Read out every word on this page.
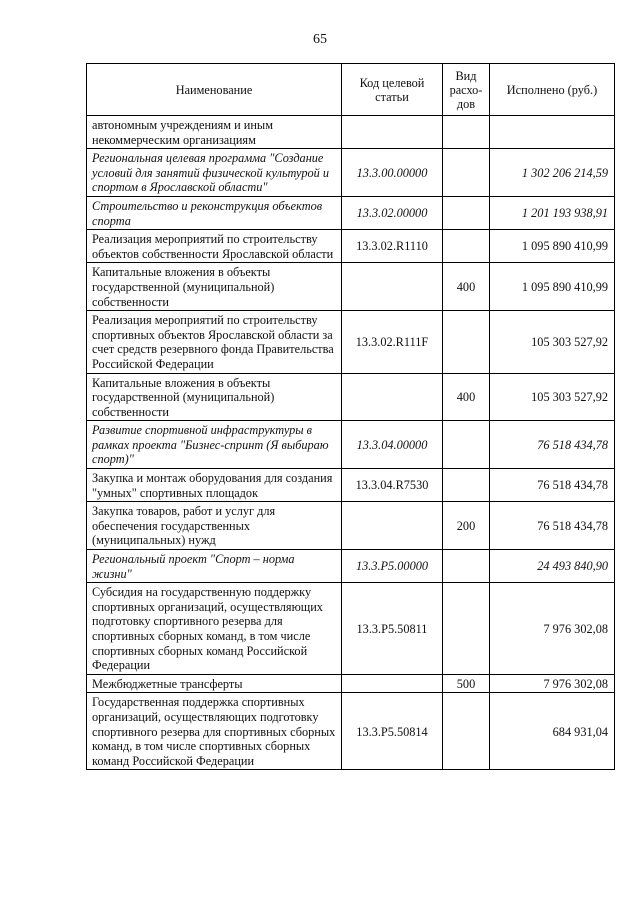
65
Наименование	Код целевой статьи	Вид расхо-дов	Исполнено (руб.)
автономным учреждениям и иным некоммерческим организациям			
Региональная целевая программа "Создание условий для занятий физической культурой и спортом в Ярославской области"	13.3.00.00000		1 302 206 214,59
Строительство и реконструкция объектов спорта	13.3.02.00000		1 201 193 938,91
Реализация мероприятий по строительству объектов собственности Ярославской области	13.3.02.R1110		1 095 890 410,99
Капитальные вложения в объекты государственной (муниципальной) собственности		400	1 095 890 410,99
Реализация мероприятий по строительству спортивных объектов Ярославской области за счет средств резервного фонда Правительства Российской Федерации	13.3.02.R111F		105 303 527,92
Капитальные вложения в объекты государственной (муниципальной) собственности		400	105 303 527,92
Развитие спортивной инфраструктуры в рамках проекта "Бизнес-спринт (Я выбираю спорт)"	13.3.04.00000		76 518 434,78
Закупка и монтаж оборудования для создания "умных" спортивных площадок	13.3.04.R7530		76 518 434,78
Закупка товаров, работ и услуг для обеспечения государственных (муниципальных) нужд		200	76 518 434,78
Региональный проект "Спорт – норма жизни"	13.3.P5.00000		24 493 840,90
Субсидия на государственную поддержку спортивных организаций, осуществляющих подготовку спортивного резерва для спортивных сборных команд, в том числе спортивных сборных команд Российской Федерации	13.3.P5.50811		7 976 302,08
Межбюджетные трансферты		500	7 976 302,08
Государственная поддержка спортивных организаций, осуществляющих подготовку спортивного резерва для спортивных сборных команд, в том числе спортивных сборных команд Российской Федерации	13.3.P5.50814		684 931,04
